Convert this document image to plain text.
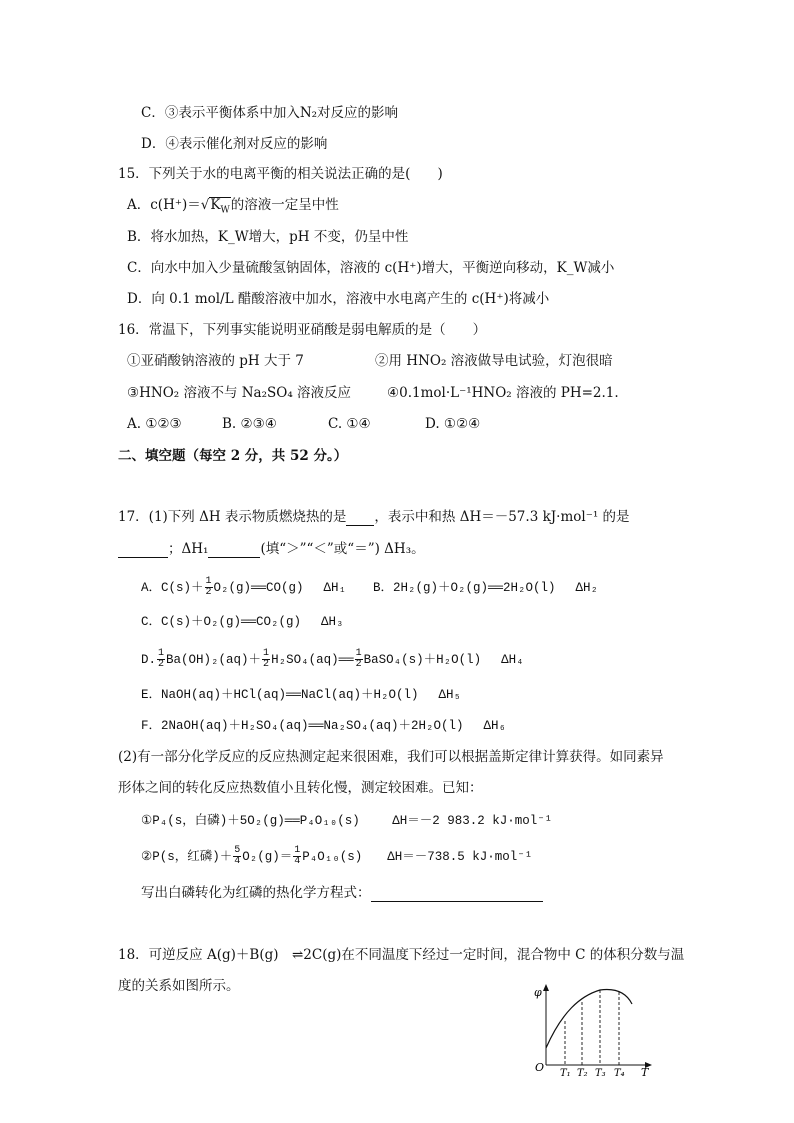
C．③表示平衡体系中加入N₂对反应的影响
D．④表示催化剂对反应的影响
15．下列关于水的电离平衡的相关说法正确的是(　　)
A．$c(H^+)=√K_W$的溶液一定呈中性
B．将水加热，K_W增大，pH 不变，仍呈中性
C．向水中加入少量硫酸氢钠固体，溶液的 c(H⁺)增大，平衡逆向移动，K_W减小
D．向 0.1 mol/L 醋酸溶液中加水，溶液中水电离产生的 c(H⁺)将减小
16．常温下，下列事实能说明亚硝酸是弱电解质的是（　　）
①亚硝酸钠溶液的 pH 大于 7	②用 HNO₂ 溶液做导电试验，灯泡很暗
③HNO₂ 溶液不与 Na₂SO₄ 溶液反应	④0.1mol·L⁻¹HNO₂ 溶液的 PH=2.1.
A. ①②③	B. ②③④	C. ①④	D. ①②④
二、填空题（每空 2 分，共 52 分。）
17．(1)下列 ΔH 表示物质燃烧热的是 ，表示中和热 ΔH＝－57.3 kJ·mol⁻¹ 的是
；ΔH₁	(填“＞”“＜”或“＝”) ΔH₃。
A．$C(s)+ \frac{1}{2}$ O₂(g)══CO(g)　 ΔH₁ B．2H₂(g)＋O₂(g)══2H₂O(l)　 ΔH₂
C．C(s)＋O₂(g)══CO₂(g)　 ΔH₃
D. $\frac{1}{2} Ba(OH)_2(aq)+ \frac{1}{2}$ H₂SO₄(aq)══ $\frac{1}{2}$ BaSO₄(s)＋H₂O(l)　 ΔH₄
E．NaOH(aq)＋HCl(aq)══NaCl(aq)＋H₂O(l)　 ΔH₅
F．2NaOH(aq)＋H₂SO₄(aq)══Na₂SO₄(aq)＋2H₂O(l)　 ΔH₆
(2)有一部分化学反应的反应热测定起来很困难，我们可以根据盖斯定律计算获得。如同素异
形体之间的转化反应热数值小且转化慢，测定较困难。已知：
①P₄(s，白磷)＋5O₂(g)══P₄O₁₀(s)　　 ΔH＝－2 983.2 kJ·mol⁻¹
②P(s，红磷)＋ $\frac{5}{4} O_2(g)= \frac{1}{4} P_4O_{10}(s)$　　ΔH＝－738.5 kJ·mol⁻¹
写出白磷转化为红磷的热化学方程式：
18．可逆反应 A(g)＋B(g)　⇌2C(g)在不同温度下经过一定时间，混合物中 C 的体积分数与温
度的关系如图所示。	φ
O T₁ T₂ T₃ T₄ T
